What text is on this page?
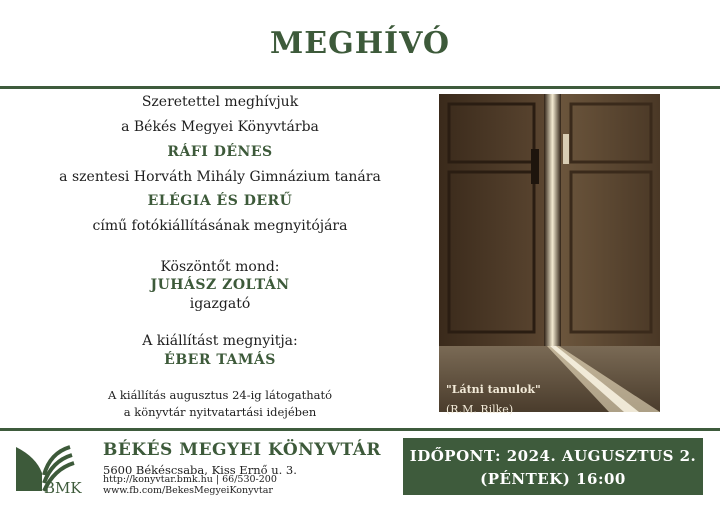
MEGHÍVÓ
Szeretettel meghívjuk
a Békés Megyei Könyvtárba
RÁFI DÉNES
a szentesi Horváth Mihály Gimnázium tanára
ELÉGIA ÉS DERŰ
című fotókiállításának megnyitójára
Köszöntőt mond:
JUHÁSZ ZOLTÁN
igazgató
A kiállítást megnyitja:
ÉBER TAMÁS
A kiállítás augusztus 24-ig látogatható
a könyvtár nyitvatartási idejében
"Látni tanulok"
(R.M. Rilke)
BMK
BÉKÉS MEGYEI KÖNYVTÁR
5600 Békéscsaba, Kiss Ernő u. 3.
http://konyvtar.bmk.hu | 66/530-200
www.fb.com/BekesMegyeiKonyvtar
IDŐPONT: 2024. AUGUSZTUS 2.
(PÉNTEK) 16:00
